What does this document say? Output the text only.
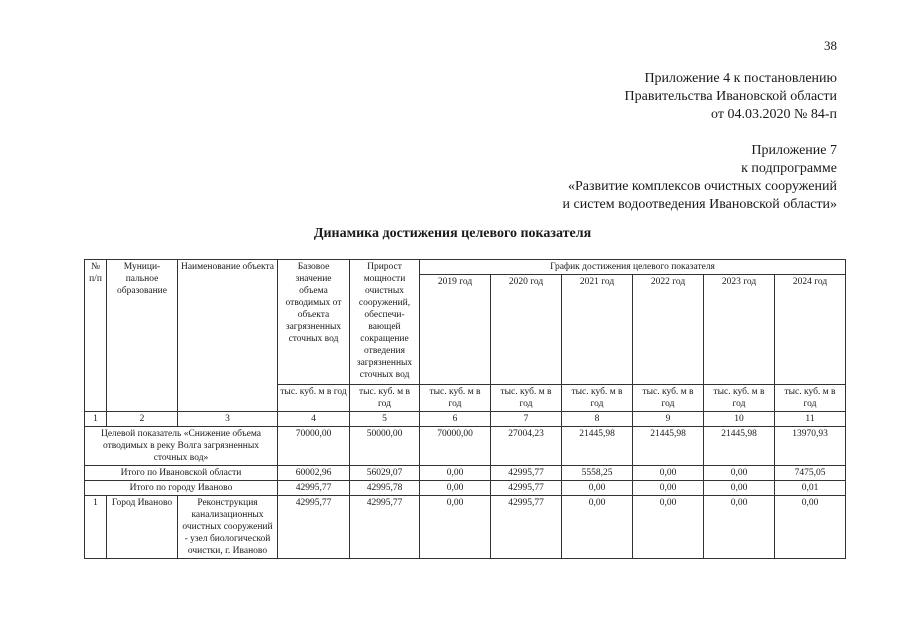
38
Приложение 4 к постановлению
Правительства Ивановской области
от 04.03.2020 № 84-п
Приложение 7
к подпрограмме
«Развитие комплексов очистных сооружений
и систем водоотведения Ивановской области»
Динамика достижения целевого показателя
№ п/п	Муници-пальное образование	Наименование объекта	Базовое значение объема отводимых от объекта загрязненных сточных вод	Прирост мощности очистных сооружений, обеспечи-вающей сокращение отведения загрязненных сточных вод	График достижения целевого показателя					
					2019 год	2020 год	2021 год	2022 год	2023 год	2024 год
			тыс. куб. м в год	тыс. куб. м в год	тыс. куб. м в год	тыс. куб. м в год	тыс. куб. м в год	тыс. куб. м в год	тыс. куб. м в год	тыс. куб. м в год
1	2	3	4	5	6	7	8	9	10	11
Целевой показатель «Снижение объема отводимых в реку Волга загрязненных сточных вод»			70000,00	50000,00	70000,00	27004,23	21445,98	21445,98	21445,98	13970,93
Итого по Ивановской области			60002,96	56029,07	0,00	42995,77	5558,25	0,00	0,00	7475,05
Итого по городу Иваново			42995,77	42995,78	0,00	42995,77	0,00	0,00	0,00	0,01
1	Город Иваново	Реконструкция канализационных очистных сооружений - узел биологической очистки, г. Иваново	42995,77	42995,77	0,00	42995,77	0,00	0,00	0,00	0,00
